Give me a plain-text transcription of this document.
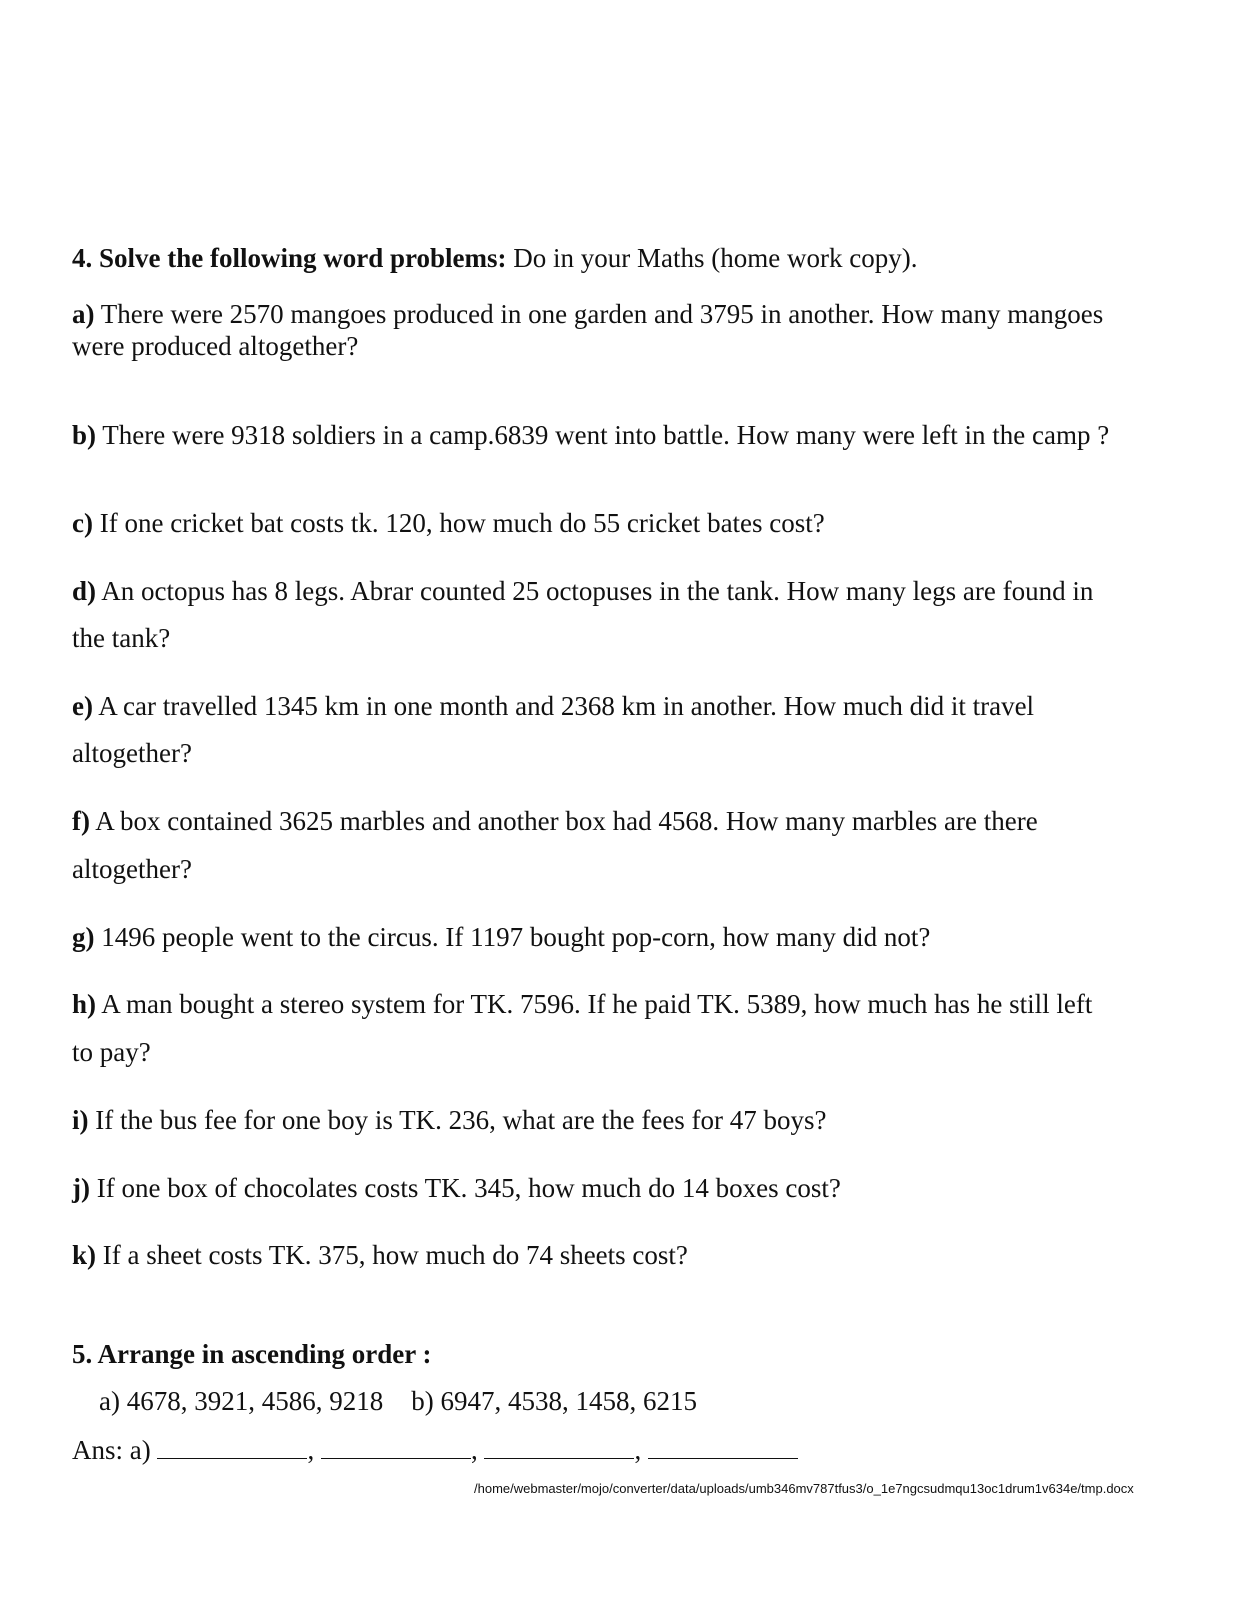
4. Solve the following word problems: Do in your Maths (home work copy).
a) There were 2570 mangoes produced in one garden and 3795 in another. How many mangoes
were produced altogether?
b) There were 9318 soldiers in a camp.6839 went into battle. How many were left in the camp ?
c) If one cricket bat costs tk. 120, how much do 55 cricket bates cost?
d) An octopus has 8 legs. Abrar counted 25 octopuses in the tank. How many legs are found in
the tank?
e) A car travelled 1345 km in one month and 2368 km in another. How much did it travel
altogether?
f) A box contained 3625 marbles and another box had 4568. How many marbles are there
altogether?
g) 1496 people went to the circus. If 1197 bought pop-corn, how many did not?
h) A man bought a stereo system for TK. 7596. If he paid TK. 5389, how much has he still left
to pay?
i) If the bus fee for one boy is TK. 236, what are the fees for 47 boys?
j) If one box of chocolates costs TK. 345, how much do 14 boxes cost?
k) If a sheet costs TK. 375, how much do 74 sheets cost?
5. Arrange in ascending order :
a) 4678, 3921, 4586, 9218 b) 6947, 4538, 1458, 6215
Ans: a)	,	,	,
/home/webmaster/mojo/converter/data/uploads/umb346mv787tfus3/o_1e7ngcsudmqu13oc1drum1v634e/tmp.docx
